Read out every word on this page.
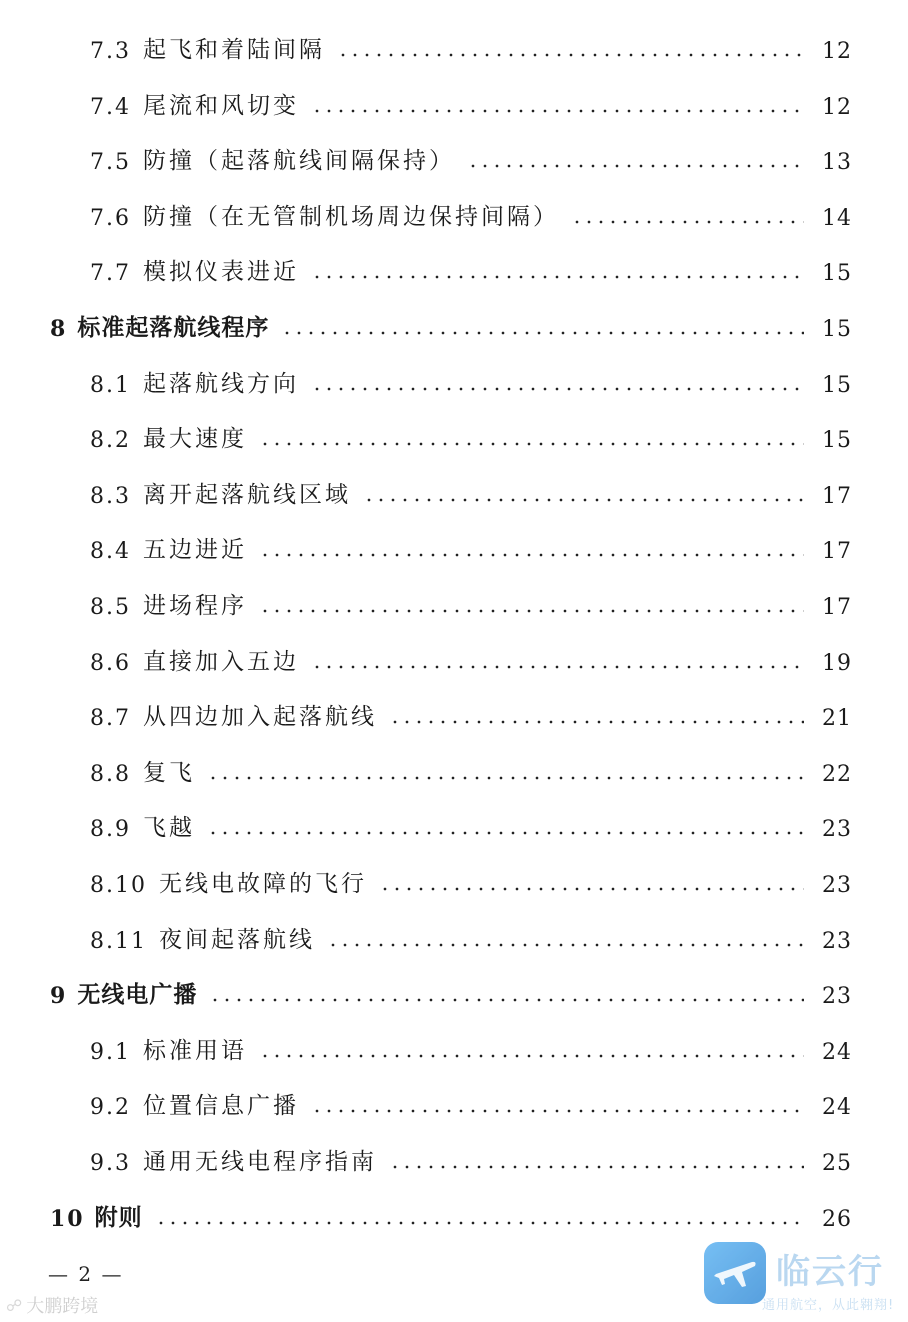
7.3 起飞和着陆间隔	12
7.4 尾流和风切变	12
7.5 防撞（起落航线间隔保持）	13
7.6 防撞（在无管制机场周边保持间隔）	14
7.7 模拟仪表进近	15
8 标准起落航线程序	15
8.1 起落航线方向	15
8.2 最大速度	15
8.3 离开起落航线区域	17
8.4 五边进近	17
8.5 进场程序	17
8.6 直接加入五边	19
8.7 从四边加入起落航线	21
8.8 复飞	22
8.9 飞越	23
8.10 无线电故障的飞行	23
8.11 夜间起落航线	23
9 无线电广播	23
9.1 标准用语	24
9.2 位置信息广播	24
9.3 通用无线电程序指南	25
10 附则	26
— 2 —
☍ 大鹏跨境
临云行
通用航空，从此翱翔!
